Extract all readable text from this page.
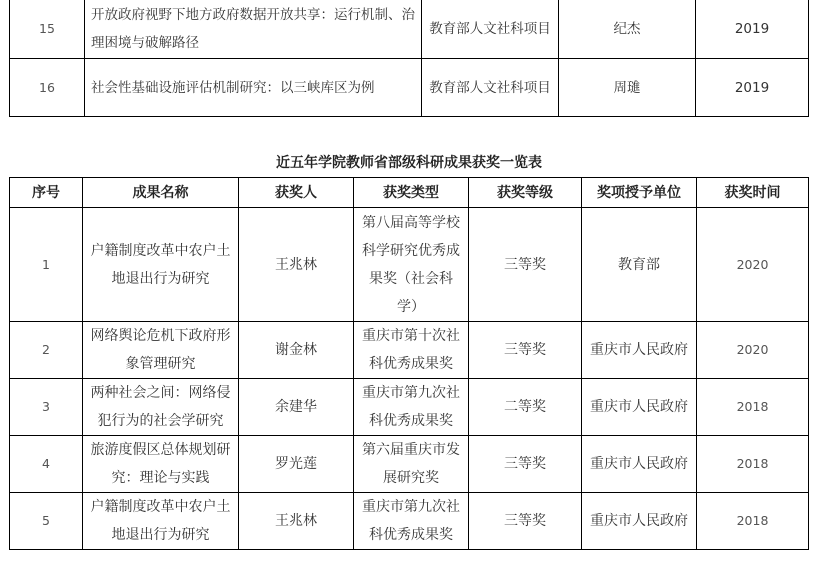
15	开放政府视野下地方政府数据开放共享：运行机制、治理困境与破解路径	教育部人文社科项目	纪杰	2019
16	社会性基础设施评估机制研究：以三峡库区为例	教育部人文社科项目	周璡	2019
近五年学院教师省部级科研成果获奖一览表
序号	成果名称	获奖人	获奖类型	获奖等级	奖项授予单位	获奖时间
1	户籍制度改革中农户土地退出行为研究	王兆林	第八届高等学校科学研究优秀成果奖（社会科学）	三等奖	教育部	2020
2	网络舆论危机下政府形象管理研究	谢金林	重庆市第十次社科优秀成果奖	三等奖	重庆市人民政府	2020
3	两种社会之间：网络侵犯行为的社会学研究	余建华	重庆市第九次社科优秀成果奖	二等奖	重庆市人民政府	2018
4	旅游度假区总体规划研究：理论与实践	罗光莲	第六届重庆市发展研究奖	三等奖	重庆市人民政府	2018
5	户籍制度改革中农户土地退出行为研究	王兆林	重庆市第九次社科优秀成果奖	三等奖	重庆市人民政府	2018
